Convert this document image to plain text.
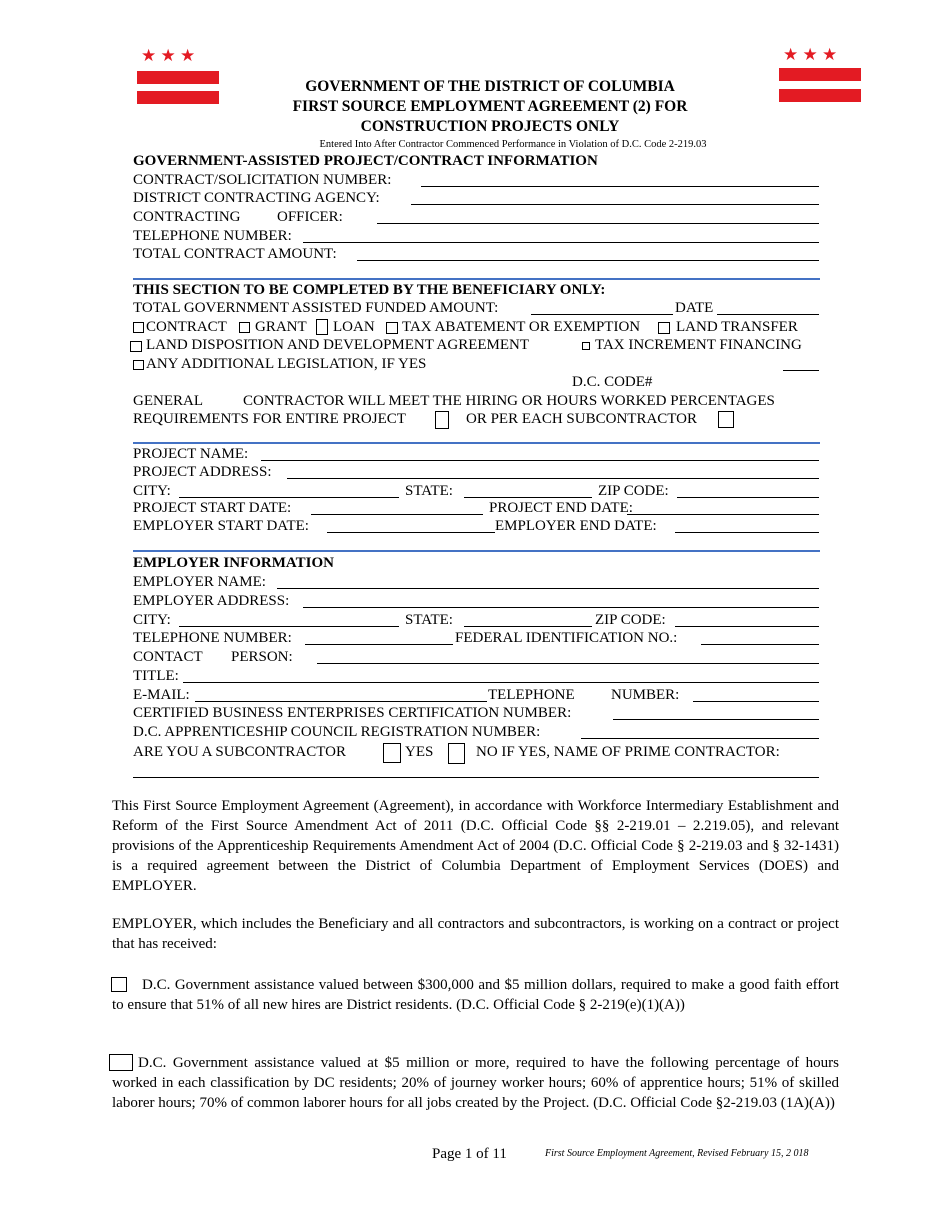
★ ★ ★	★ ★ ★
GOVERNMENT OF THE DISTRICT OF COLUMBIA
FIRST SOURCE EMPLOYMENT AGREEMENT (2) FOR
CONSTRUCTION PROJECTS ONLY
Entered Into After Contractor Commenced Performance in Violation of D.C. Code 2-219.03
GOVERNMENT-ASSISTED PROJECT/CONTRACT INFORMATION
CONTRACT/SOLICITATION NUMBER:
DISTRICT CONTRACTING AGENCY:
CONTRACTING OFFICER:
TELEPHONE NUMBER:
TOTAL CONTRACT AMOUNT:
THIS SECTION TO BE COMPLETED BY THE BENEFICIARY ONLY:
TOTAL GOVERNMENT ASSISTED FUNDED AMOUNT:	DATE
CONTRACT GRANT LOAN TAX ABATEMENT OR EXEMPTION LAND TRANSFER
LAND DISPOSITION AND DEVELOPMENT AGREEMENT	TAX INCREMENT FINANCING
ANY ADDITIONAL LEGISLATION, IF YES
D.C. CODE#
GENERAL	CONTRACTOR WILL MEET THE HIRING OR HOURS WORKED PERCENTAGES
REQUIREMENTS FOR ENTIRE PROJECT	OR PER EACH SUBCONTRACTOR
PROJECT NAME:
PROJECT ADDRESS:
CITY:	STATE:	ZIP CODE:
PROJECT START DATE:	PROJECT END DATE:
EMPLOYER START DATE:	EMPLOYER END DATE:
EMPLOYER INFORMATION
EMPLOYER NAME:
EMPLOYER ADDRESS:
CITY:	STATE:	ZIP CODE:
TELEPHONE NUMBER:	FEDERAL IDENTIFICATION NO.:
CONTACT PERSON:
TITLE:
E-MAIL:	TELEPHONE NUMBER:
CERTIFIED BUSINESS ENTERPRISES CERTIFICATION NUMBER:
D.C. APPRENTICESHIP COUNCIL REGISTRATION NUMBER:
ARE YOU A SUBCONTRACTOR	YES	NO IF YES, NAME OF PRIME CONTRACTOR:
This First Source Employment Agreement (Agreement), in accordance with Workforce Intermediary Establishment and Reform of the First Source Amendment Act of 2011 (D.C. Official Code §§ 2-219.01 – 2.219.05), and relevant provisions of the Apprenticeship Requirements Amendment Act of 2004 (D.C. Official Code § 2-219.03 and § 32-1431) is a required agreement between the District of Columbia Department of Employment Services (DOES) and EMPLOYER.
EMPLOYER, which includes the Beneficiary and all contractors and subcontractors, is working on a contract or project that has received:
D.C. Government assistance valued between $300,000 and $5 million dollars, required to make a good faith effort to ensure that 51% of all new hires are District residents. (D.C. Official Code § 2-219(e)(1)(A))
D.C. Government assistance valued at $5 million or more, required to have the following percentage of hours worked in each classification by DC residents; 20% of journey worker hours; 60% of apprentice hours; 51% of skilled laborer hours; 70% of common laborer hours for all jobs created by the Project. (D.C. Official Code §2-219.03 (1A)(A))
Page 1 of 11	First Source Employment Agreement, Revised February 15, 2 018
